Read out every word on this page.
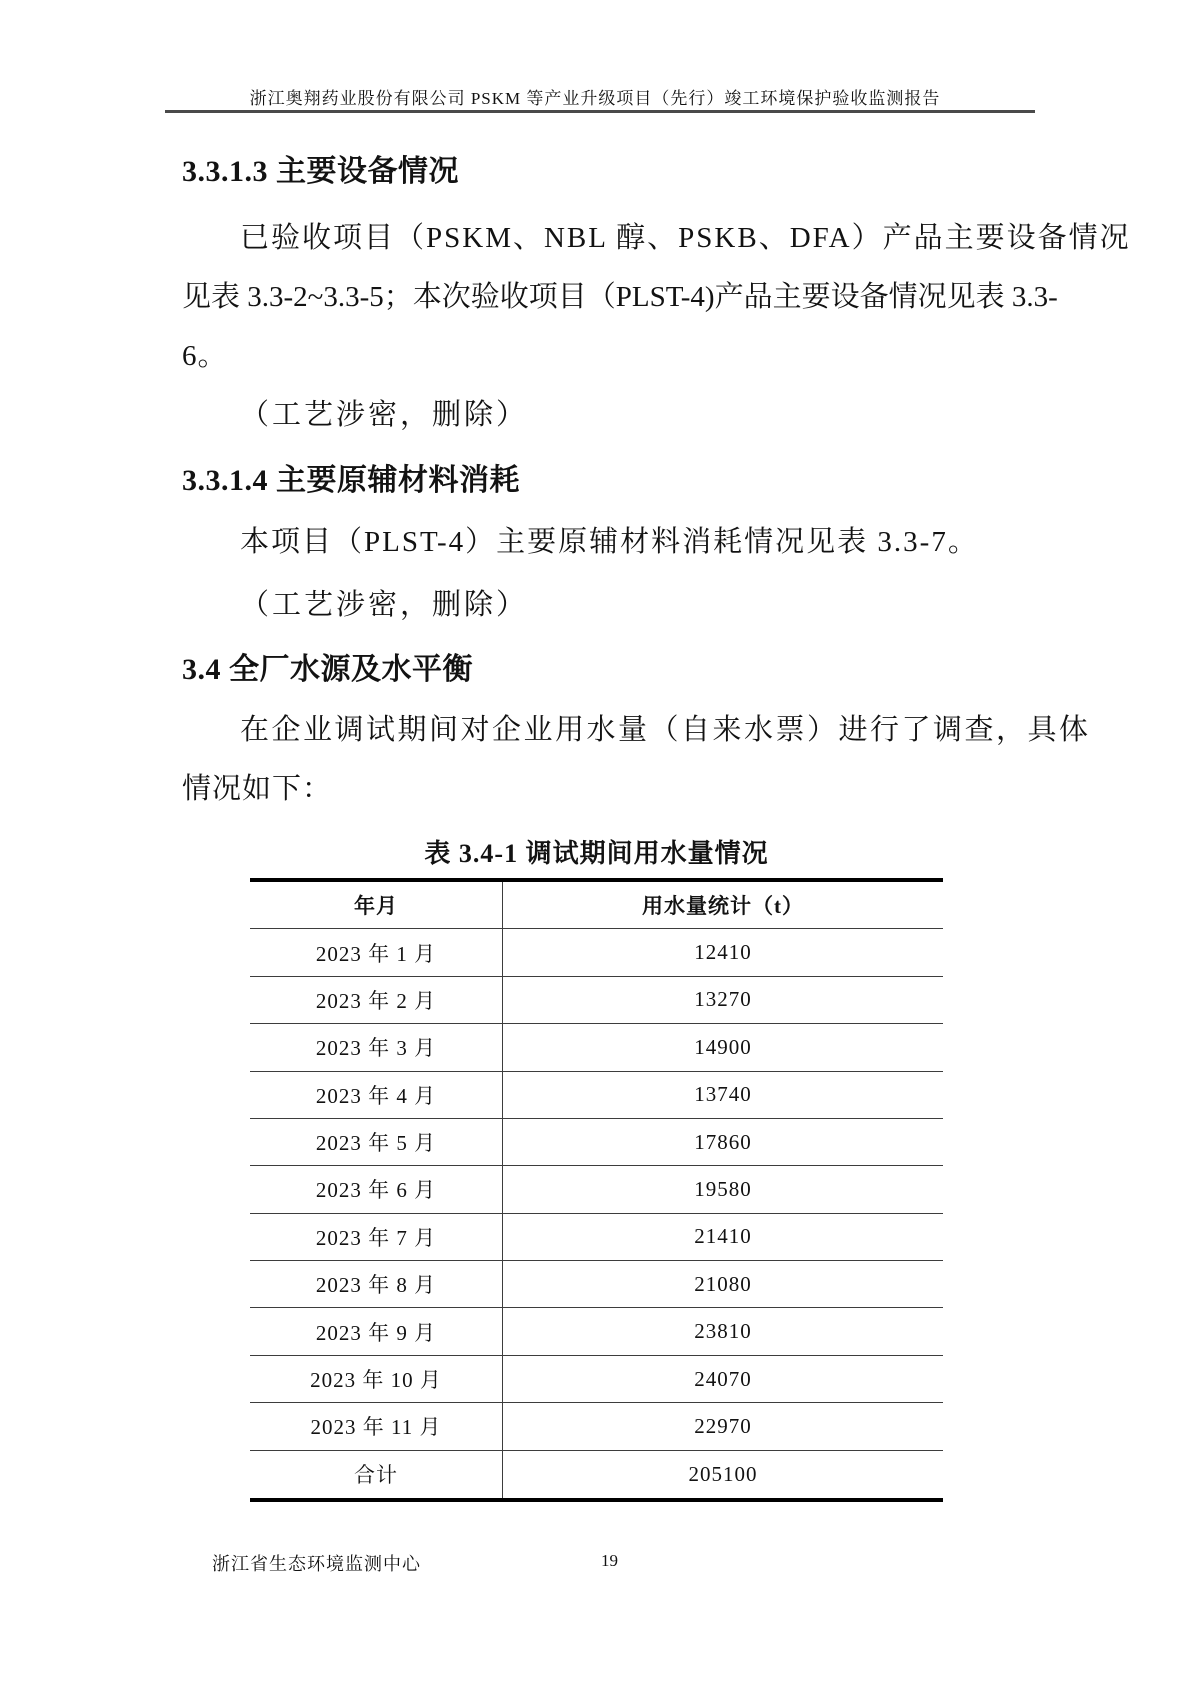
浙江奥翔药业股份有限公司 PSKM 等产业升级项目（先行）竣工环境保护验收监测报告
3.3.1.3 主要设备情况
已验收项目（PSKM、NBL 醇、PSKB、DFA）产品主要设备情况
见表 3.3-2~3.3-5；本次验收项目（PLST-4)产品主要设备情况见表 3.3-
6。
（工艺涉密，删除）
3.3.1.4 主要原辅材料消耗
本项目（PLST-4）主要原辅材料消耗情况见表 3.3-7。
（工艺涉密，删除）
3.4 全厂水源及水平衡
在企业调试期间对企业用水量（自来水票）进行了调查，具体
情况如下：
表 3.4-1 调试期间用水量情况
年月	用水量统计（t）
2023 年 1 月	12410
2023 年 2 月	13270
2023 年 3 月	14900
2023 年 4 月	13740
2023 年 5 月	17860
2023 年 6 月	19580
2023 年 7 月	21410
2023 年 8 月	21080
2023 年 9 月	23810
2023 年 10 月	24070
2023 年 11 月	22970
合计	205100
浙江省生态环境监测中心	19
